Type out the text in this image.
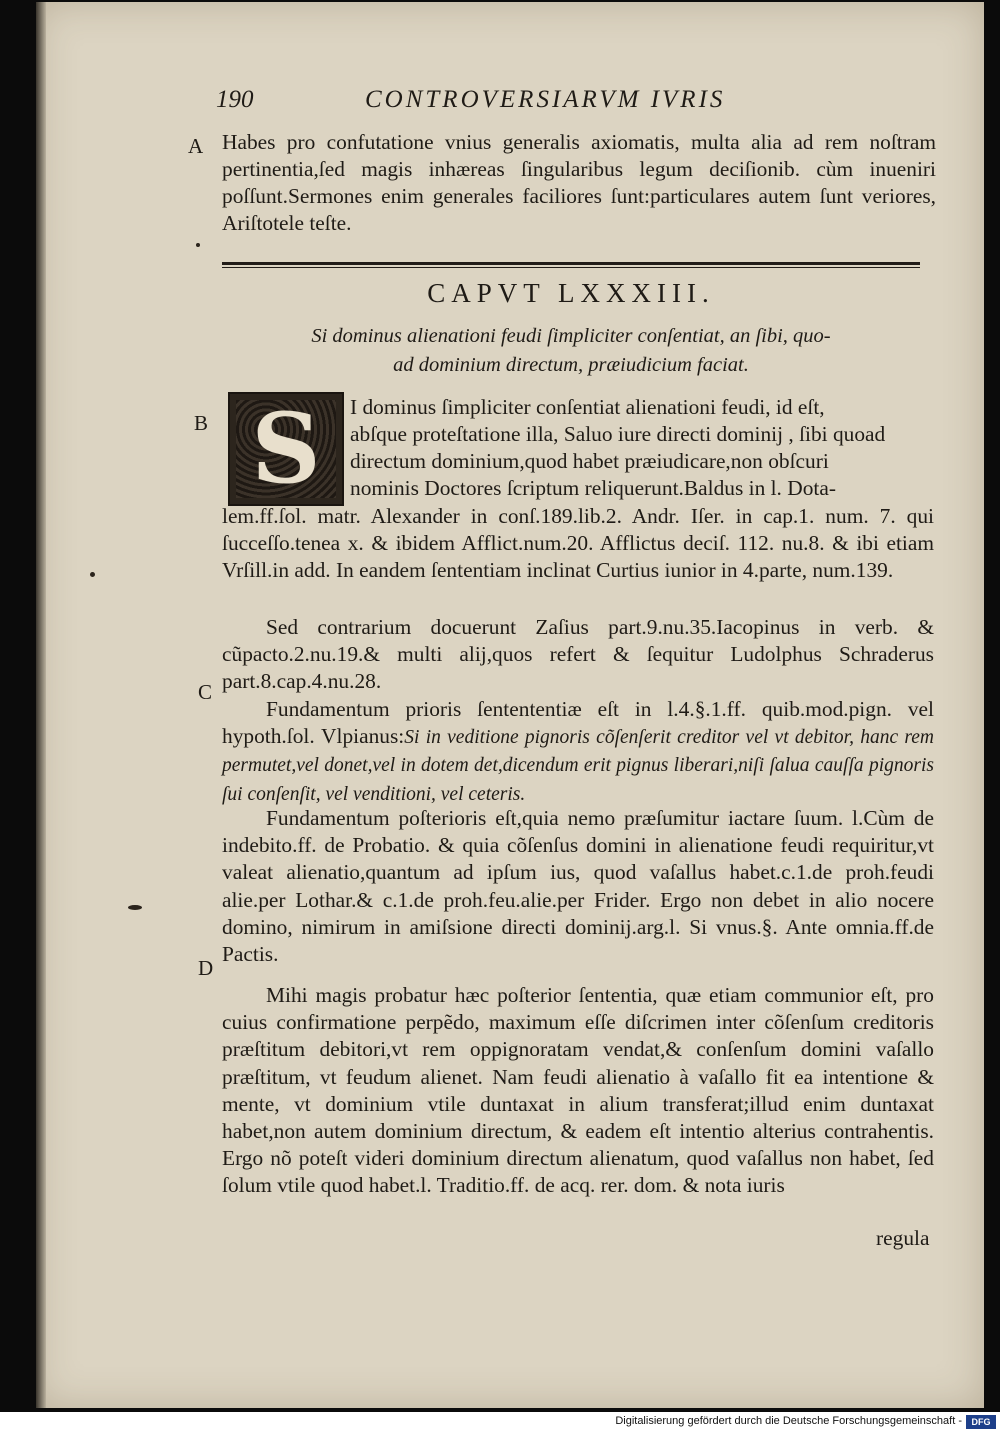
190	CONTROVERSIARVM IVRIS
A
B
C
D
Habes pro confutatione vnius generalis axiomatis, multa alia ad rem noſtram pertinentia,ſed magis inhæreas ſingularibus legum deciſionib. cùm inueniri poſſunt.Sermones enim generales faciliores ſunt:particulares autem ſunt veriores, Ariſtotele teſte.
CAPVT LXXXIII.
Si dominus alienationi feudi ſimpliciter conſentiat, an ſibi, quo-
ad dominium directum, præiudicium faciat.
S I dominus ſimpliciter conſentiat alienationi feudi, id eſt,
abſque proteſtatione illa, Saluo iure directi dominij , ſibi quoad
directum dominium,quod habet præiudicare,non obſcuri
nominis Doctores ſcriptum reliquerunt.Baldus in l. Dota-
lem.ff.ſol. matr. Alexander in conſ.189.lib.2. Andr. Iſer. in cap.1. num. 7. qui ſucceſſo.tenea x. & ibidem Afflict.num.20. Afflictus deciſ. 112. nu.8. & ibi etiam Vrſill.in add. In eandem ſententiam inclinat Curtius iunior in 4.parte, num.139.
Sed contrarium docuerunt Zaſius part.9.nu.35.Iacopinus in verb. & cũpacto.2.nu.19.& multi alij,quos refert & ſequitur Ludolphus Schraderus part.8.cap.4.nu.28.
Fundamentum prioris ſentententiæ eſt in l.4.§.1.ff. quib.mod.pign. vel hypoth.ſol. Vlpianus:Si in veditione pignoris cõſenſerit creditor vel vt debitor, hanc rem permutet,vel donet,vel in dotem det,dicendum erit pignus liberari,niſi ſalua cauſſa pignoris ſui conſenſit, vel venditioni, vel ceteris.
Fundamentum poſterioris eſt,quia nemo præſumitur iactare ſuum. l.Cùm de indebito.ff. de Probatio. & quia cõſenſus domini in alienatione feudi requiritur,vt valeat alienatio,quantum ad ipſum ius, quod vaſallus habet.c.1.de proh.feudi alie.per Lothar.& c.1.de proh.feu.alie.per Frider. Ergo non debet in alio nocere domino, nimirum in amiſsione directi dominij.arg.l. Si vnus.§. Ante omnia.ff.de Pactis.
Mihi magis probatur hæc poſterior ſententia, quæ etiam communior eſt, pro cuius confirmatione perpẽdo, maximum eſſe diſcrimen inter cõſenſum creditoris præſtitum debitori,vt rem oppignoratam vendat,& conſenſum domini vaſallo præſtitum, vt feudum alienet. Nam feudi alienatio à vaſallo fit ea intentione & mente, vt dominium vtile duntaxat in alium transferat;illud enim duntaxat habet,non autem dominium directum, & eadem eſt intentio alterius contrahentis. Ergo nõ poteſt videri dominium directum alienatum, quod vaſallus non habet, ſed ſolum vtile quod habet.l. Traditio.ff. de acq. rer. dom. & nota iuris
regula
Digitalisierung gefördert durch die Deutsche Forschungsgemeinschaft -	DFG
